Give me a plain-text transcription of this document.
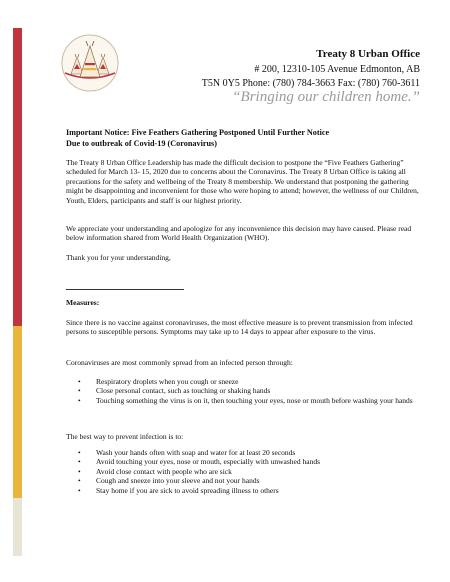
Treaty 8 Urban Office
# 200, 12310-105 Avenue Edmonton, AB
T5N 0Y5 Phone: (780) 784-3663 Fax: (780) 760-3611
“Bringing our children home.”

Important Notice: Five Feathers Gathering Postponed Until Further Notice

Due to outbreak of Covid-19 (Coronavirus)

The Treaty 8 Urban Office Leadership has made the difficult decision to postpone the “Five Feathers Gathering” scheduled for March 13- 15, 2020 due to concerns about the Coronavirus. The Treaty 8 Urban Office is taking all precautions for the safety and wellbeing of the Treaty 8 membership. We understand that postponing the gathering might be disappointing and inconvenient for those who were hoping to attend; however, the wellness of our Children, Youth, Elders, participants and staff is our highest priority.

We appreciate your understanding and apologize for any inconvenience this decision may have caused. Please read below information shared from World Health Organization (WHO).

Thank you for your understanding,

Measures:

Since there is no vaccine against coronaviruses, the most effective measure is to prevent transmission from infected persons to susceptible persons. Symptoms may take up to 14 days to appear after exposure to the virus.

Coronaviruses are most commonly spread from an infected person through:

• Respiratory droplets when you cough or sneeze
• Close personal contact, such as touching or shaking hands
• Touching something the virus is on it, then touching your eyes, nose or mouth before washing your hands

The best way to prevent infection is to:

• Wash your hands often with soap and water for at least 20 seconds
• Avoid touching your eyes, nose or mouth, especially with unwashed hands
• Avoid close contact with people who are sick
• Cough and sneeze into your sleeve and not your hands
• Stay home if you are sick to avoid spreading illness to others
